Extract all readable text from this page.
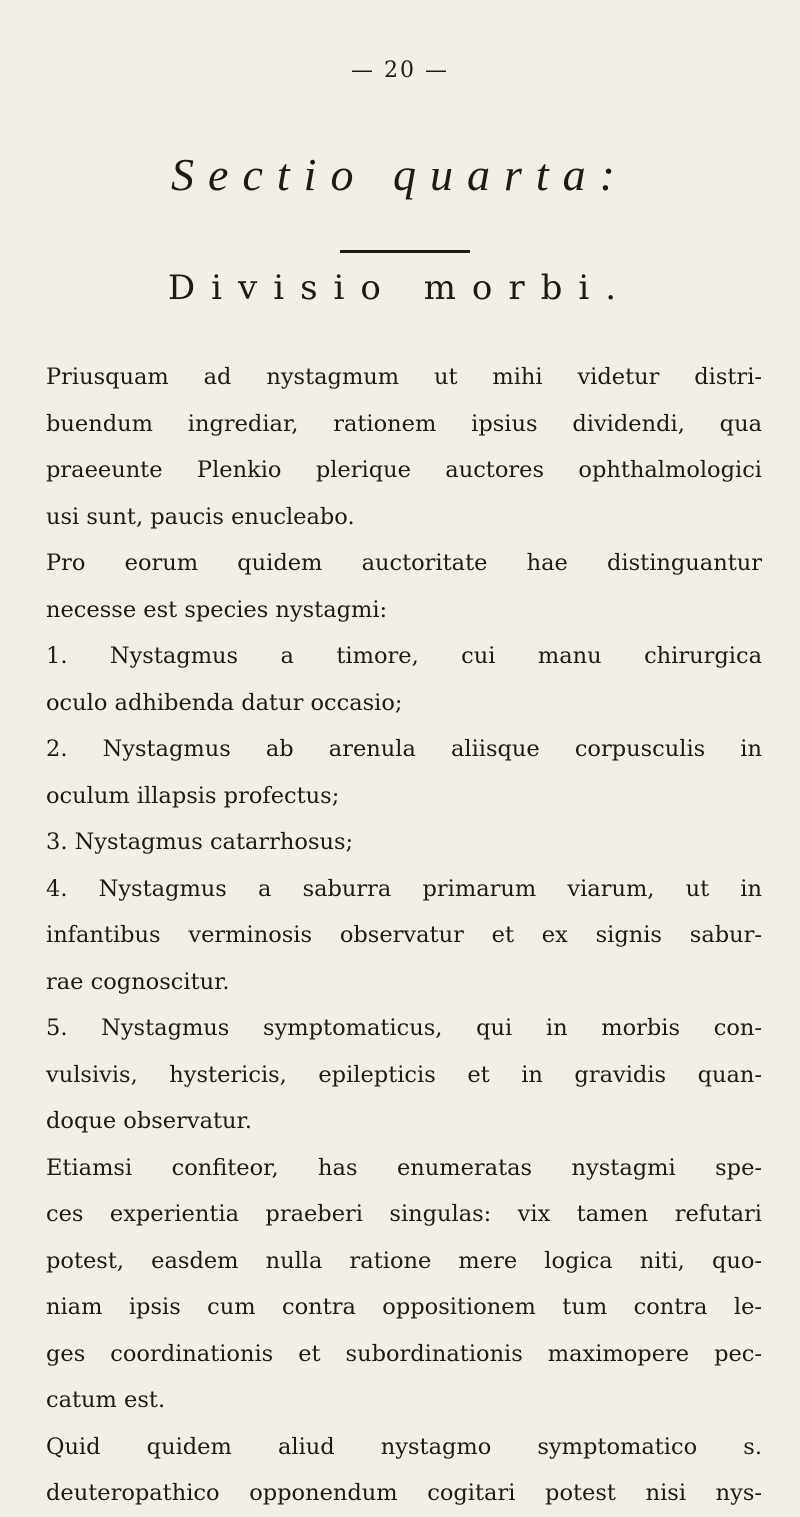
— 20 —
Sectio quarta:
Divisio morbi.
Priusquam ad nystagmum ut mihi videtur distri-
buendum ingrediar, rationem ipsius dividendi, qua
praeeunte Plenkio plerique auctores ophthalmologici
usi sunt, paucis enucleabo.
Pro eorum quidem auctoritate hae distinguantur
necesse est species nystagmi:
1. Nystagmus a timore, cui manu chirurgica
oculo adhibenda datur occasio;
2. Nystagmus ab arenula aliisque corpusculis in
oculum illapsis profectus;
3. Nystagmus catarrhosus;
4. Nystagmus a saburra primarum viarum, ut in
infantibus verminosis observatur et ex signis sabur-
rae cognoscitur.
5. Nystagmus symptomaticus, qui in morbis con-
vulsivis, hystericis, epilepticis et in gravidis quan-
doque observatur.
Etiamsi confiteor, has enumeratas nystagmi spe-
ces experientia praeberi singulas: vix tamen refutari
potest, easdem nulla ratione mere logica niti, quo-
niam ipsis cum contra oppositionem tum contra le-
ges coordinationis et subordinationis maximopere pec-
catum est.
Quid quidem aliud nystagmo symptomatico s.
deuteropathico opponendum cogitari potest nisi nys-
